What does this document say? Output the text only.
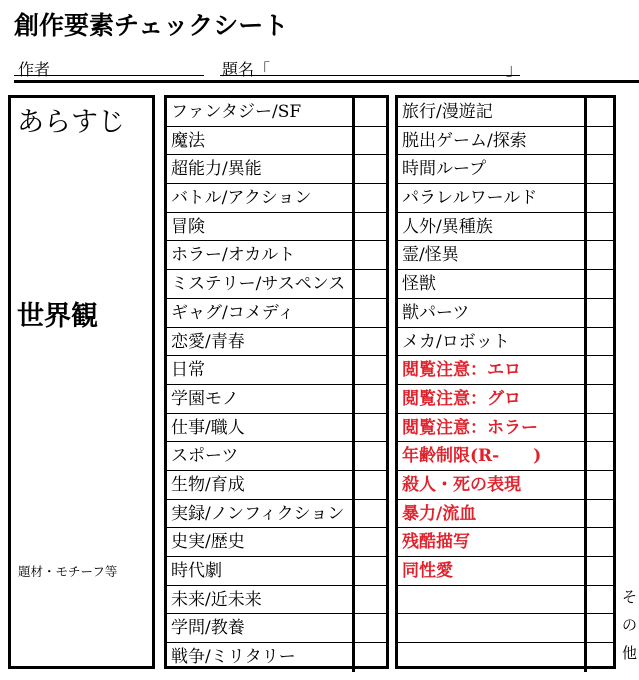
創作要素チェックシート
作者	題名「	」
あらすじ
世界観
題材・モチーフ等
ファンタジー/SF
魔法
超能力/異能
バトル/アクション
冒険
ホラー/オカルト
ミステリー/サスペンス
ギャグ/コメディ
恋愛/青春
日常
学園モノ
仕事/職人
スポーツ
生物/育成
実録/ノンフィクション
史実/歴史
時代劇
未来/近未来
学問/教養
戦争/ミリタリー
旅行/漫遊記
脱出ゲーム/探索
時間ループ
パラレルワールド
人外/異種族
霊/怪異
怪獣
獣パーツ
メカ/ロボット
閲覧注意：エロ
閲覧注意：グロ
閲覧注意：ホラー
年齢制限(R-　　)
殺人・死の表現
暴力/流血
残酷描写
同性愛
そ
の
他
